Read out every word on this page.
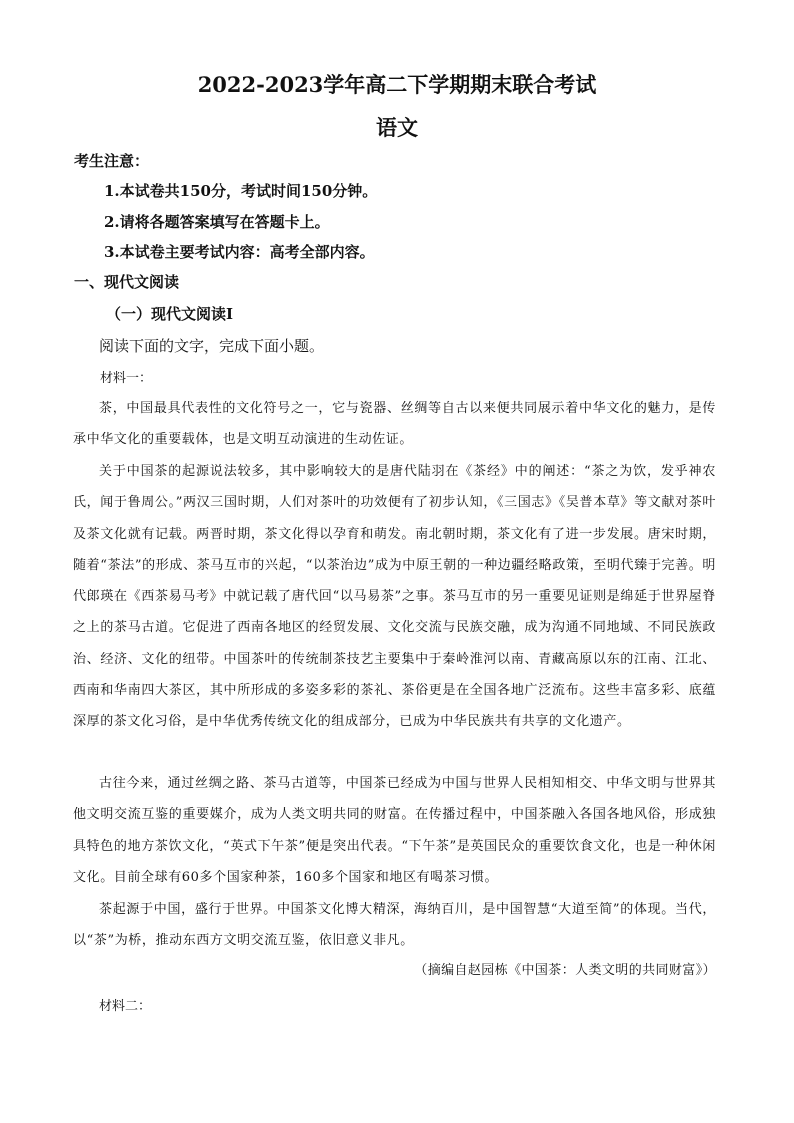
2022-2023学年高二下学期期末联合考试
语文
考生注意：
1.本试卷共150分，考试时间150分钟。
2.请将各题答案填写在答题卡上。
3.本试卷主要考试内容：高考全部内容。
一、现代文阅读
（一）现代文阅读Ⅰ
阅读下面的文字，完成下面小题。
材料一：

茶，中国最具代表性的文化符号之一，它与瓷器、丝绸等自古以来便共同展示着中华文化的魅力，是传承中华文化的重要载体，也是文明互动演进的生动佐证。

关于中国茶的起源说法较多，其中影响较大的是唐代陆羽在《茶经》中的阐述：“茶之为饮，发乎神农氏，闻于鲁周公。”两汉三国时期，人们对茶叶的功效便有了初步认知，《三国志》《吴普本草》等文献对茶叶及茶文化就有记载。两晋时期，茶文化得以孕育和萌发。南北朝时期，茶文化有了进一步发展。唐宋时期，随着“茶法”的形成、茶马互市的兴起，“以茶治边”成为中原王朝的一种边疆经略政策，至明代臻于完善。明代郎瑛在《西茶易马考》中就记载了唐代回“以马易茶”之事。茶马互市的另一重要见证则是绵延于世界屋脊之上的茶马古道。它促进了西南各地区的经贸发展、文化交流与民族交融，成为沟通不同地域、不同民族政治、经济、文化的纽带。中国茶叶的传统制茶技艺主要集中于秦岭淮河以南、青藏高原以东的江南、江北、西南和华南四大茶区，其中所形成的多姿多彩的茶礼、茶俗更是在全国各地广泛流布。这些丰富多彩、底蕴深厚的茶文化习俗，是中华优秀传统文化的组成部分，已成为中华民族共有共享的文化遗产。

古往今来，通过丝绸之路、茶马古道等，中国茶已经成为中国与世界人民相知相交、中华文明与世界其他文明交流互鉴的重要媒介，成为人类文明共同的财富。在传播过程中，中国茶融入各国各地风俗，形成独具特色的地方茶饮文化，“英式下午茶”便是突出代表。“下午茶”是英国民众的重要饮食文化，也是一种休闲文化。目前全球有60多个国家种茶，160多个国家和地区有喝茶习惯。

茶起源于中国，盛行于世界。中国茶文化博大精深，海纳百川，是中国智慧“大道至简”的体现。当代，以“茶”为桥，推动东西方文明交流互鉴，依旧意义非凡。

（摘编自赵园栋《中国茶：人类文明的共同财富》）
材料二：
